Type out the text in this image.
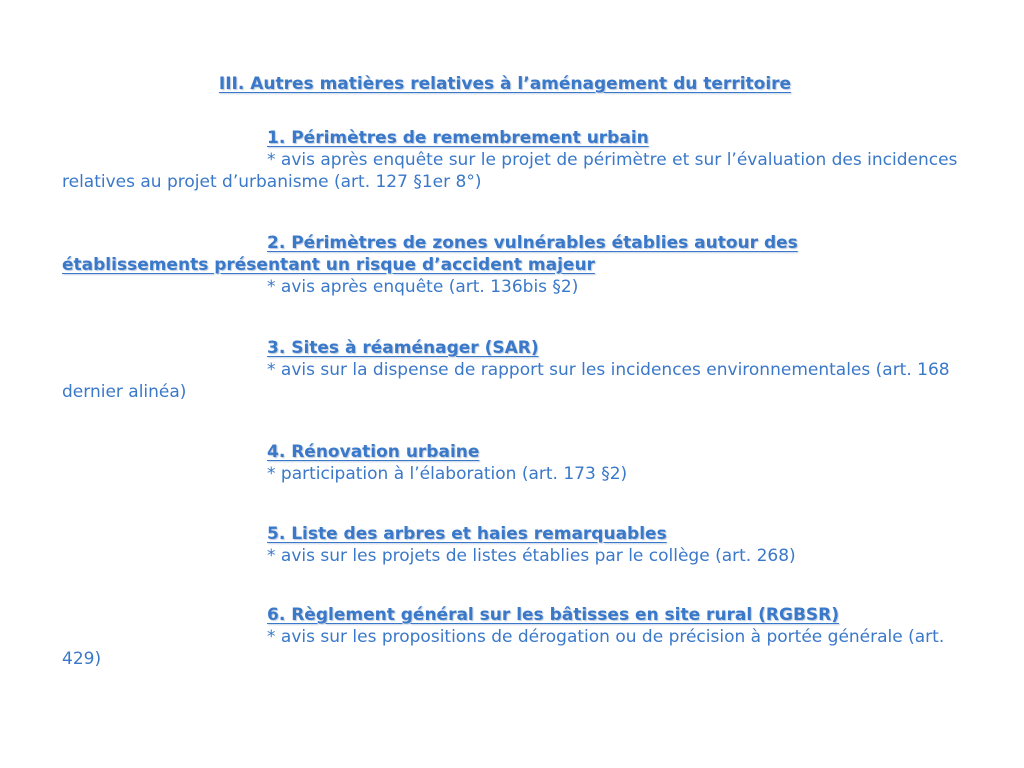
III. Autres matières relatives à l’aménagement du territoire
1. Périmètres de remembrement urbain
* avis après enquête sur le projet de périmètre et sur l’évaluation des incidences relatives au projet d’urbanisme (art. 127 §1er 8°)
2. Périmètres de zones vulnérables établies autour des établissements présentant un risque d’accident majeur
* avis après enquête (art. 136bis §2)
3. Sites à réaménager (SAR)
* avis sur la dispense de rapport sur les incidences environnementales (art. 168 dernier alinéa)
4. Rénovation urbaine
* participation à l’élaboration (art. 173 §2)
5. Liste des arbres et haies remarquables
* avis sur les projets de listes établies par le collège (art. 268)
6. Règlement général sur les bâtisses en site rural (RGBSR)
* avis sur les propositions de dérogation ou de précision à portée générale (art. 429)
